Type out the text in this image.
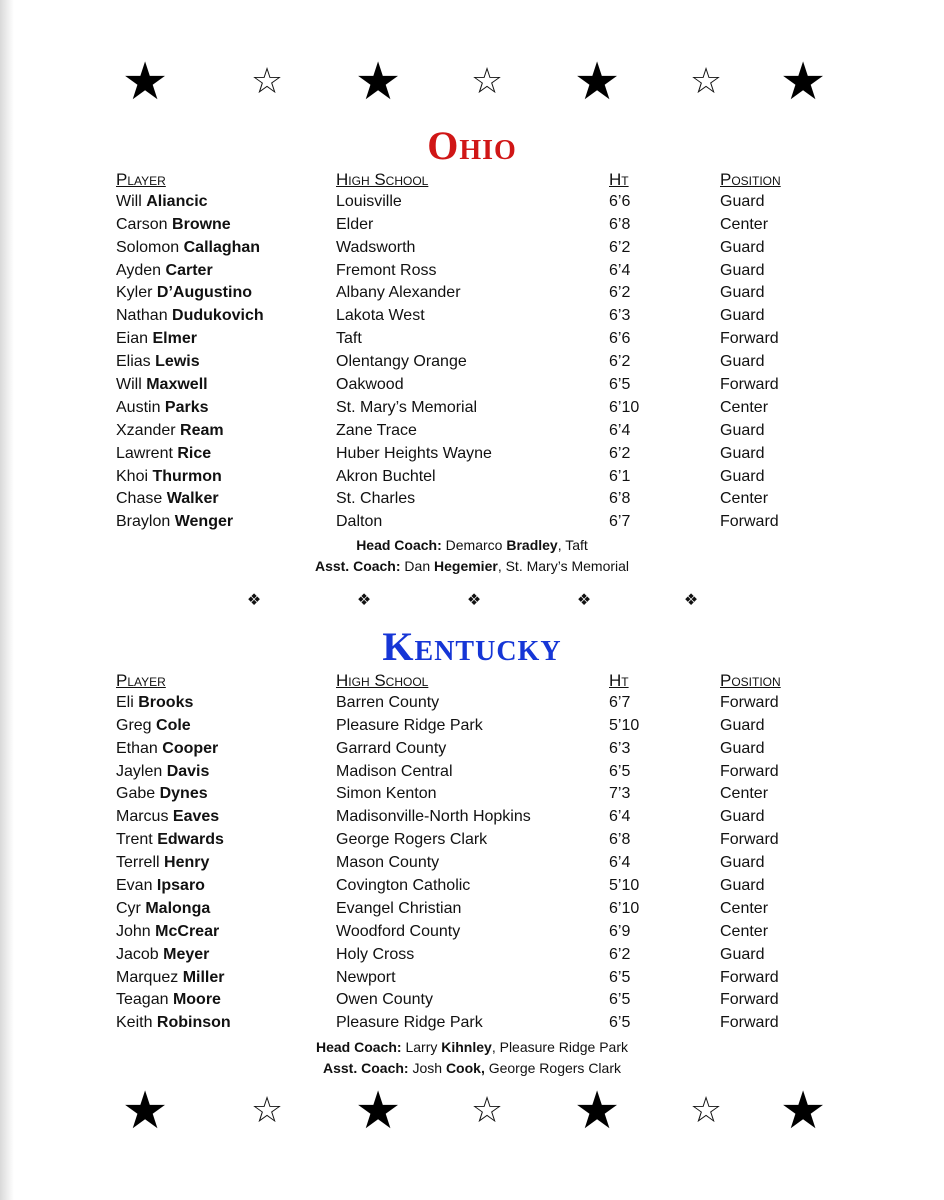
★	☆ ★	☆ ★	☆ ★
Ohio
Player	High School	Ht	Position
Will Aliancic	Louisville	6’6	Guard
Carson Browne	Elder	6’8	Center
Solomon Callaghan	Wadsworth	6’2	Guard
Ayden Carter	Fremont Ross	6’4	Guard
Kyler D’Augustino	Albany Alexander	6’2	Guard
Nathan Dudukovich	Lakota West	6’3	Guard
Eian Elmer	Taft	6’6	Forward
Elias Lewis	Olentangy Orange	6’2	Guard
Will Maxwell	Oakwood	6’5	Forward
Austin Parks	St. Mary’s Memorial	6’10	Center
Xzander Ream	Zane Trace	6’4	Guard
Lawrent Rice	Huber Heights Wayne	6’2	Guard
Khoi Thurmon	Akron Buchtel	6’1	Guard
Chase Walker	St. Charles	6’8	Center
Braylon Wenger	Dalton	6’7	Forward
Head Coach: Demarco Bradley, Taft
Asst. Coach: Dan Hegemier, St. Mary’s Memorial
❖	❖	❖	❖	❖
Kentucky
Player	High School	Ht	Position
Eli Brooks	Barren County	6’7	Forward
Greg Cole	Pleasure Ridge Park	5’10	Guard
Ethan Cooper	Garrard County	6’3	Guard
Jaylen Davis	Madison Central	6’5	Forward
Gabe Dynes	Simon Kenton	7’3	Center
Marcus Eaves	Madisonville-North Hopkins	6’4	Guard
Trent Edwards	George Rogers Clark	6’8	Forward
Terrell Henry	Mason County	6’4	Guard
Evan Ipsaro	Covington Catholic	5’10	Guard
Cyr Malonga	Evangel Christian	6’10	Center
John McCrear	Woodford County	6’9	Center
Jacob Meyer	Holy Cross	6’2	Guard
Marquez Miller	Newport	6’5	Forward
Teagan Moore	Owen County	6’5	Forward
Keith Robinson	Pleasure Ridge Park	6’5	Forward
Head Coach: Larry Kihnley, Pleasure Ridge Park
Asst. Coach: Josh Cook, George Rogers Clark
★	☆ ★	☆ ★	☆ ★
